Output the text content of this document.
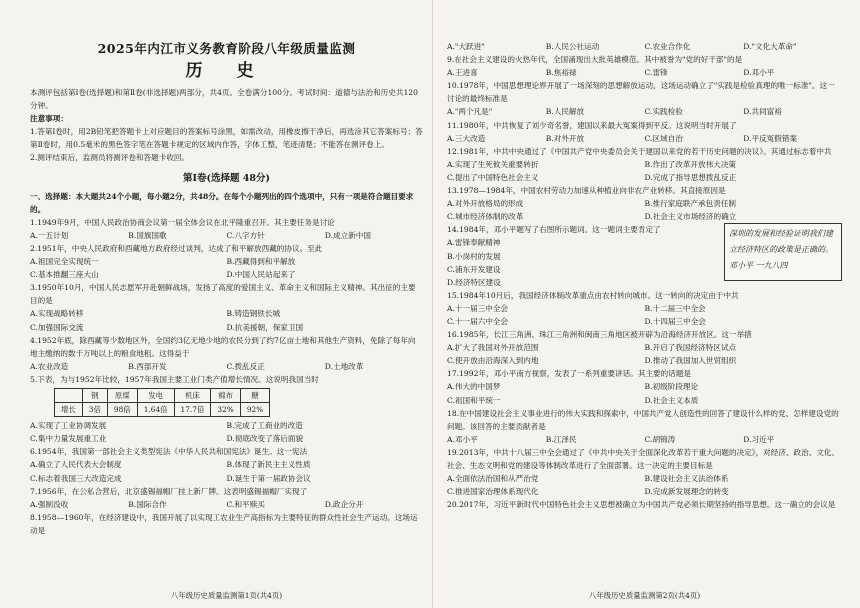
2025年内江市义务教育阶段八年级质量监测
历 史

本测评包括第Ⅰ卷(选择题)和第Ⅱ卷(非选择题)两部分，共4页。全卷满分100分。考试时间：道德与法治和历史共120分钟。

注意事项：

1.答第Ⅰ卷时，用2B铅笔把答题卡上对应题目的答案标号涂黑，如需改动，用橡皮擦干净后，再选涂其它答案标号；答第Ⅱ卷时，用0.5毫米的黑色签字笔在答题卡规定的区域内作答，字体工整，笔迹清楚；不能答在测评卷上。

2.测评结束后，监测员将测评卷和答题卡收回。

第Ⅰ卷(选择题 48分)

一、选择题：本大题共24个小题，每小题2分，共48分。在每个小题列出的四个选项中，只有一项是符合题目要求的。

1.1949年9月，中国人民政治协商会议第一届全体会议在北平隆重召开。其主要任务是讨论

A.一五计划	B.国旗国歌	C.八字方针	D.成立新中国

2.1951年，中央人民政府和西藏地方政府经过谈判，达成了和平解放西藏的协议。至此

A.祖国完全实现统一	B.西藏得到和平解放
C.基本推翻三座大山	D.中国人民站起来了

3.1950年10月，中国人民志愿军开赴朝鲜战场，发扬了高度的爱国主义、革命主义和国际主义精神。其出征的主要目的是

A.实现战略转移	B.铸造钢铁长城
C.加强国际交流	D.抗美援朝，保家卫国

4.1952年底，除西藏等少数地区外，全国约3亿无地少地的农民分到了约7亿亩土地和其他生产资料，免除了每年向地主缴纳的数千万吨以上的粮食地租。这得益于

A.农业改造	B.西部开发	C.拨乱反正	D.土地改革

5.下表，为与1952年比较，1957年我国主要工业门类产值增长情况。这说明我国当时

	钢	原煤	发电	机床	棉布	糖
增长	3倍	98倍	1.64倍	17.7倍	32%	92%
A.实现了工业协调发展	B.完成了工商业的改造
C.集中力量发展重工业	D.彻底改变了落后面貌

6.1954年，我国第一部社会主义类型宪法《中华人民共和国宪法》诞生。这一宪法

A.确立了人民代表大会制度	B.体现了新民主主义性质
C.标志着我国三大改造完成	D.诞生于第一届政协会议

7.1956年，在公私合营后，北京盛锡福帽厂挂上新厂牌。这表明盛锡福帽厂实现了

A.强制没收	B.国际合作	C.和平赎买	D.政企分开

8.1958—1960年，在经济建设中，我国开展了以实现工农业生产高指标为主要特征的群众性社会生产运动。这场运动是

八年级历史质量监测第1页(共4页)
A."大跃进"	B.人民公社运动	C.农业合作化	D."文化大革命"

9.在社会主义建设的火热年代，全国涌现出大批英雄模范。其中被誉为"党的好干部"的是

A.王进喜	B.焦裕禄	C.雷锋	D.邓小平

10.1978年，中国思想理论界开展了一场深刻的思想解放运动，这场运动确立了"实践是检验真理的唯一标准"。这一讨论的最终标准是

A."两个凡是"	B.人民解放	C.实践检验	D.共同富裕

11.1980年，中共恢复了刘少奇名誉，建国以来最大冤案得到平反。这说明当时开展了

A.三大改造	B.对外开放	C.区域自治	D.平反冤假错案

12.1981年，中共中央通过了《中国共产党中央委员会关于建国以来党的若干历史问题的决议》。其通过标志着中共

A.实现了生死攸关重要转折	B.作出了改革开放伟大决策
C.提出了中国特色社会主义	D.完成了指导思想拨乱反正

13.1978—1984年，中国农村劳动力加速从种植业向非农产业转移。其直接原因是

A.对外开放格局的形成	B.推行家庭联产承包责任制
C.城市经济体制的改革	D.社会主义市场经济的确立
深圳的发展和经验证明我们建立经济特区的政策是正确的。邓小平 一九八四

14.1984年，邓小平题写了右图所示题词。这一题词主要肯定了

A.雷锋奉献精神
B.小岗村的发展
C.浦东开发建设
D.经济特区建设

15.1984年10月后，我国经济体制改革重点由农村转向城市。这一转向的决定由于中共

A.十一届三中全会	B.十二届三中全会
C.十一届六中全会	D.十四届三中全会

16.1985年，长江三角洲、珠江三角洲和闽南三角地区被开辟为沿海经济开放区。这一举措

A.扩大了我国对外开放范围	B.开启了我国经济特区试点
C.使开放由沿海深入到内地	D.推动了我国加入世贸组织

17.1992年，邓小平南方视察，发表了一系列重要讲话。其主要的话题是

A.伟大的中国梦	B.初级阶段理论
C.祖国和平统一	D.社会主义本质

18.在中国建设社会主义事业进行的伟大实践和探索中，中国共产党人创造性的回答了建设什么样的党、怎样建设党的问题。该回答的主要贡献者是

A.邓小平	B.江泽民	C.胡锦涛	D.习近平

19.2013年，中共十八届三中全会通过了《中共中央关于全面深化改革若干重大问题的决定》，对经济、政治、文化、社会、生态文明和党的建设等体制改革进行了全面部署。这一决定的主要目标是

A.全面依法治国和从严治党	B.建设社会主义法治体系
C.推进国家治理体系现代化	D.完成新发展理念的转变

20.2017年，习近平新时代中国特色社会主义思想被确立为中国共产党必须长期坚持的指导思想。这一确立的会议是

八年级历史质量监测第2页(共4页)
